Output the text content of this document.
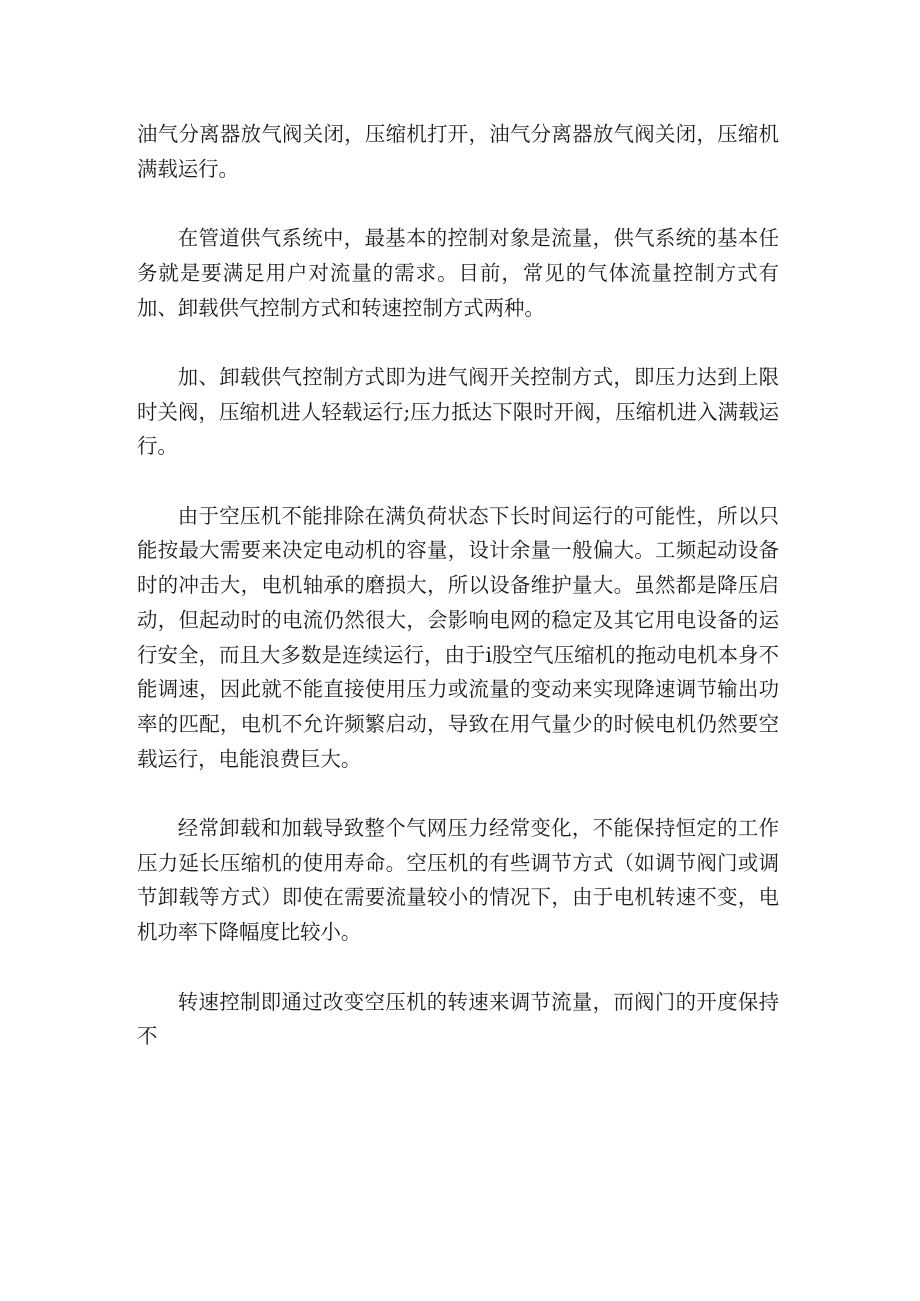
油气分离器放气阀关闭，压缩机打开，油气分离器放气阀关闭，压缩机满载运行。

在管道供气系统中，最基本的控制对象是流量，供气系统的基本任务就是要满足用户对流量的需求。目前，常见的气体流量控制方式有加、卸载供气控制方式和转速控制方式两种。

加、卸载供气控制方式即为进气阀开关控制方式，即压力达到上限时关阀，压缩机进人轻载运行;压力抵达下限时开阀，压缩机进入满载运行。

由于空压机不能排除在满负荷状态下长时间运行的可能性，所以只能按最大需要来决定电动机的容量，设计余量一般偏大。工频起动设备时的冲击大，电机轴承的磨损大，所以设备维护量大。虽然都是降压启动，但起动时的电流仍然很大，会影响电网的稳定及其它用电设备的运行安全，而且大多数是连续运行，由于i股空气压缩机的拖动电机本身不能调速，因此就不能直接使用压力或流量的变动来实现降速调节输出功率的匹配，电机不允许频繁启动，导致在用气量少的时候电机仍然要空载运行，电能浪费巨大。

经常卸载和加载导致整个气网压力经常变化，不能保持恒定的工作压力延长压缩机的使用寿命。空压机的有些调节方式（如调节阀门或调节卸载等方式）即使在需要流量较小的情况下，由于电机转速不变，电机功率下降幅度比较小。

转速控制即通过改变空压机的转速来调节流量，而阀门的开度保持不
